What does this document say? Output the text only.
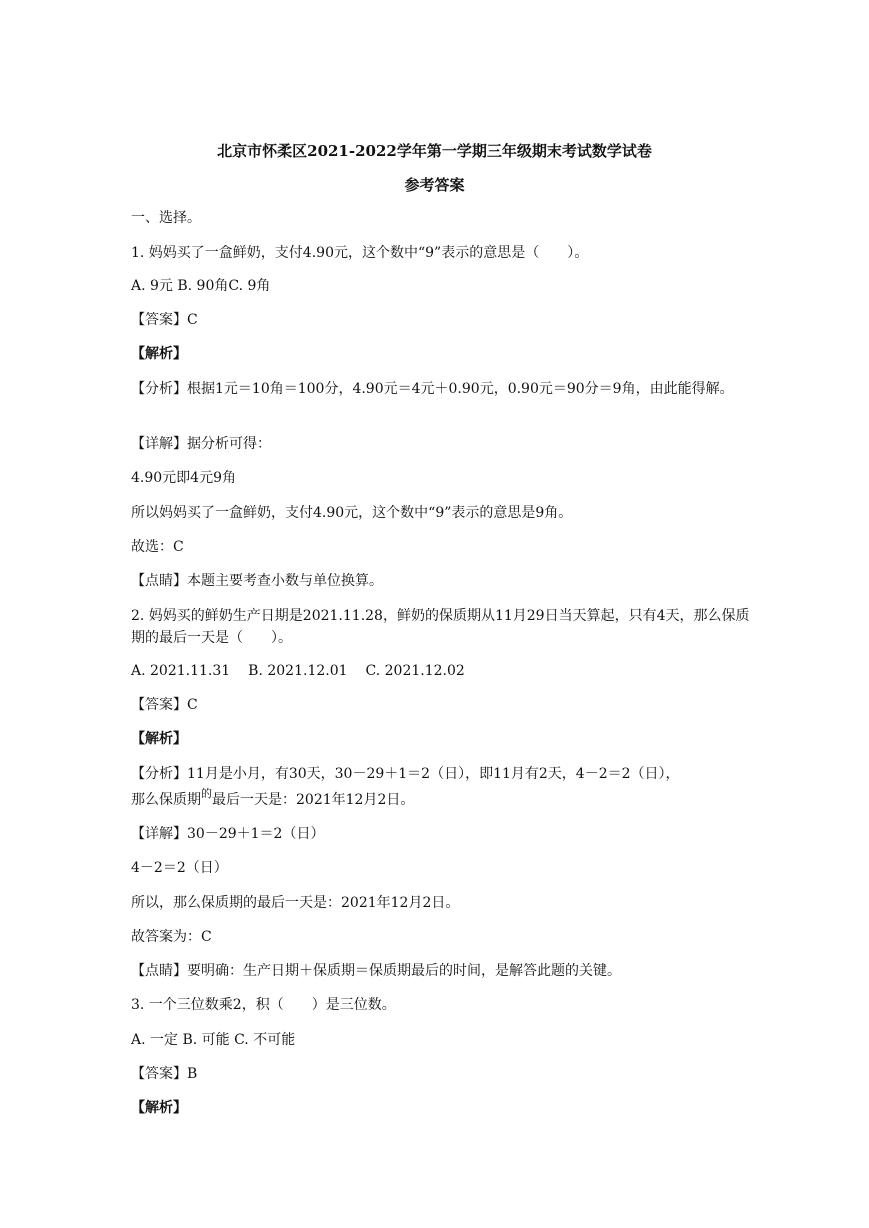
北京市怀柔区2021-2022学年第一学期三年级期末考试数学试卷
参考答案
一、选择。
1. 妈妈买了一盒鲜奶，支付4.90元，这个数中“9”表示的意思是（　　）。
A. 9元 B. 90角C. 9角
【答案】C
【解析】
【分析】根据1元＝10角＝100分，4.90元＝4元＋0.90元，0.90元＝90分＝9角，由此能得解。
【详解】据分析可得：
4.90元即4元9角
所以妈妈买了一盒鲜奶，支付4.90元，这个数中“9”表示的意思是9角。
故选：C
【点睛】本题主要考查小数与单位换算。
2. 妈妈买的鲜奶生产日期是2021.11.28，鲜奶的保质期从11月29日当天算起，只有4天，那么保质期的最后一天是（　　）。
A. 2021.11.31 B. 2021.12.01 C. 2021.12.02
【答案】C
【解析】
【分析】11月是小月，有30天，30－29＋1＝2（日），即11月有2天，4－2＝2（日），
那么保质期$^的$最后一天是：2021年12月2日。
【详解】30－29＋1＝2（日）
4－2＝2（日）
所以，那么保质期的最后一天是：2021年12月2日。
故答案为：C
【点睛】要明确：生产日期＋保质期＝保质期最后的时间，是解答此题的关键。
3. 一个三位数乘2，积（　　）是三位数。
A. 一定 B. 可能 C. 不可能
【答案】B
【解析】
